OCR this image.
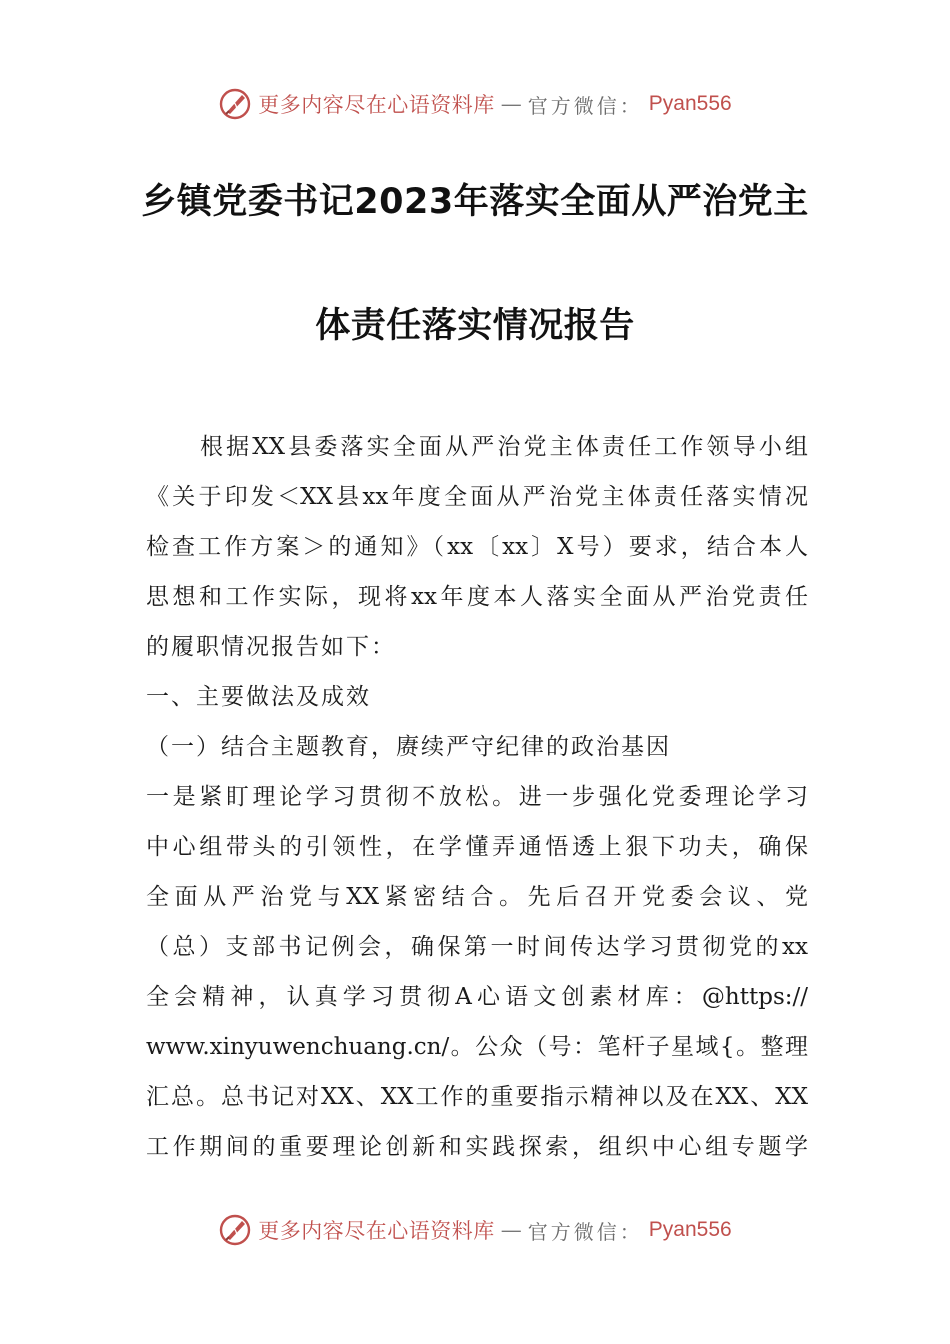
更多内容尽在心语资料库 — 官方微信： Pyan556
乡镇党委书记2023年落实全面从严治党主
体责任落实情况报告
根据XX县委落实全面从严治党主体责任工作领导小组
《关于印发＜XX县xx年度全面从严治党主体责任落实情况
检查工作方案＞的通知》（xx〔xx〕X号）要求，结合本人
思想和工作实际，现将xx年度本人落实全面从严治党责任
的履职情况报告如下：
一、主要做法及成效
（一）结合主题教育，赓续严守纪律的政治基因
一是紧盯理论学习贯彻不放松。进一步强化党委理论学习
中心组带头的引领性，在学懂弄通悟透上狠下功夫，确保
全面从严治党与XX紧密结合。先后召开党委会议、党
（总）支部书记例会，确保第一时间传达学习贯彻党的xx
全会精神，认真学习贯彻A心语文创素材库：@https://
www.xinyuwenchuang.cn/。公众（号：笔杆子星域{。整理
汇总。总书记对XX、XX工作的重要指示精神以及在XX、XX
工作期间的重要理论创新和实践探索，组织中心组专题学
更多内容尽在心语资料库 — 官方微信： Pyan556
